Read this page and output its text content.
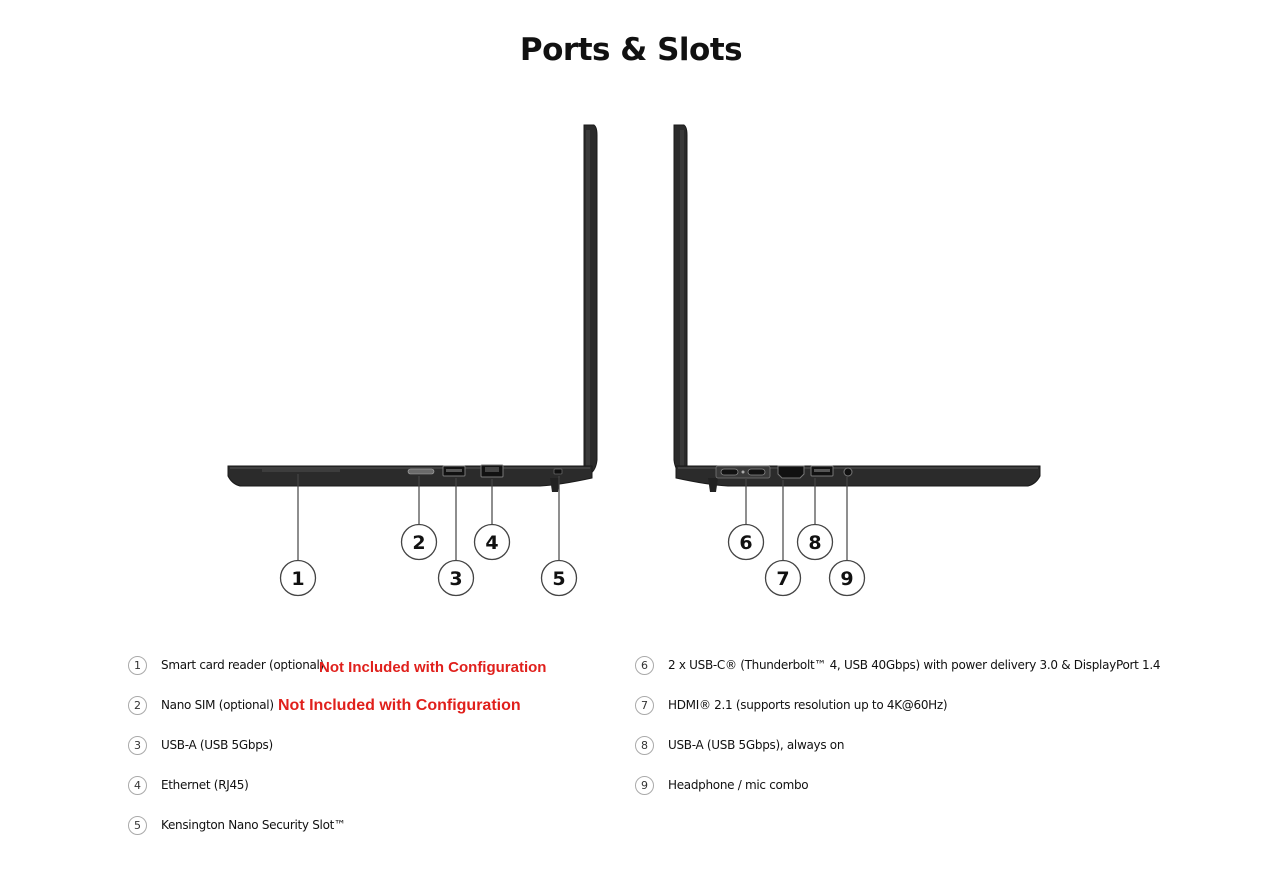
Ports & Slots
1
2
3
4
5
6
7
8
9
1	Smart card reader (optional)
Not Included with Configuration
2	Nano SIM (optional) Not Included with Configuration
3	USB-A (USB 5Gbps)
4	Ethernet (RJ45)
5	Kensington Nano Security Slot™
6	2 x USB-C® (Thunderbolt™ 4, USB 40Gbps) with power delivery 3.0 & DisplayPort 1.4
7	HDMI® 2.1 (supports resolution up to 4K@60Hz)
8	USB-A (USB 5Gbps), always on
9	Headphone / mic combo
